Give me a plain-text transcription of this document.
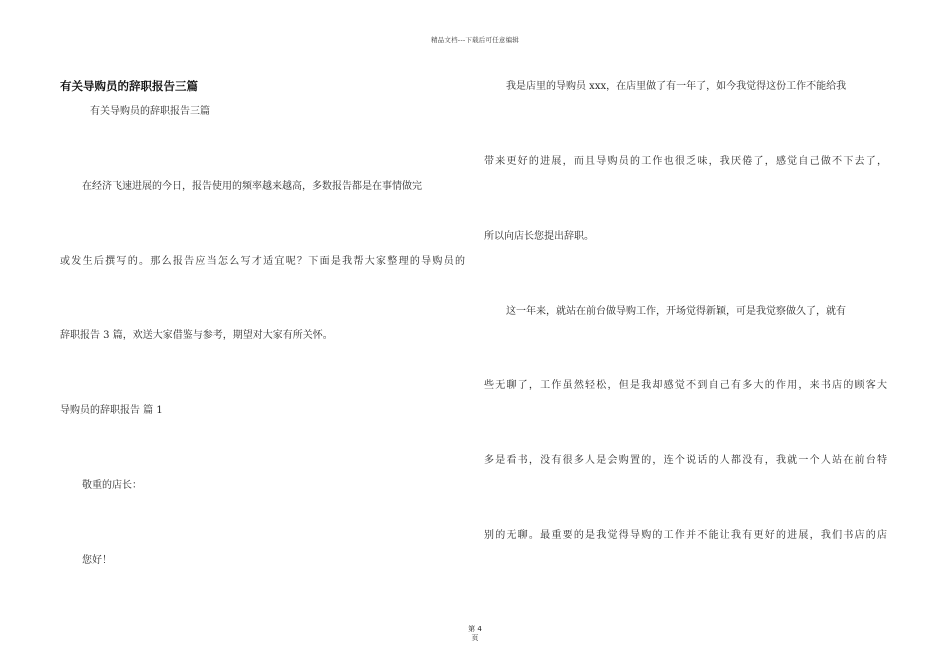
精品文档---下载后可任意编辑
有关导购员的辞职报告三篇
有关导购员的辞职报告三篇
在经济飞速进展的今日，报告使用的频率越来越高，多数报告都是在事情做完
或发生后撰写的。那么报告应当怎么写才适宜呢？下面是我帮大家整理的导购员的
辞职报告 3 篇，欢送大家借鉴与参考，期望对大家有所关怀。
导购员的辞职报告 篇 1
敬重的店长：
您好！
我是店里的导购员 xxx，在店里做了有一年了，如今我觉得这份工作不能给我
带来更好的进展，而且导购员的工作也很乏味，我厌倦了，感觉自己做不下去了，
所以向店长您提出辞职。
这一年来，就站在前台做导购工作，开场觉得新颖，可是我觉察做久了，就有
些无聊了，工作虽然轻松，但是我却感觉不到自己有多大的作用，来书店的顾客大
多是看书，没有很多人是会购置的，连个说话的人都没有，我就一个人站在前台特
别的无聊。最重要的是我觉得导购的工作并不能让我有更好的进展，我们书店的店
第 4
页
